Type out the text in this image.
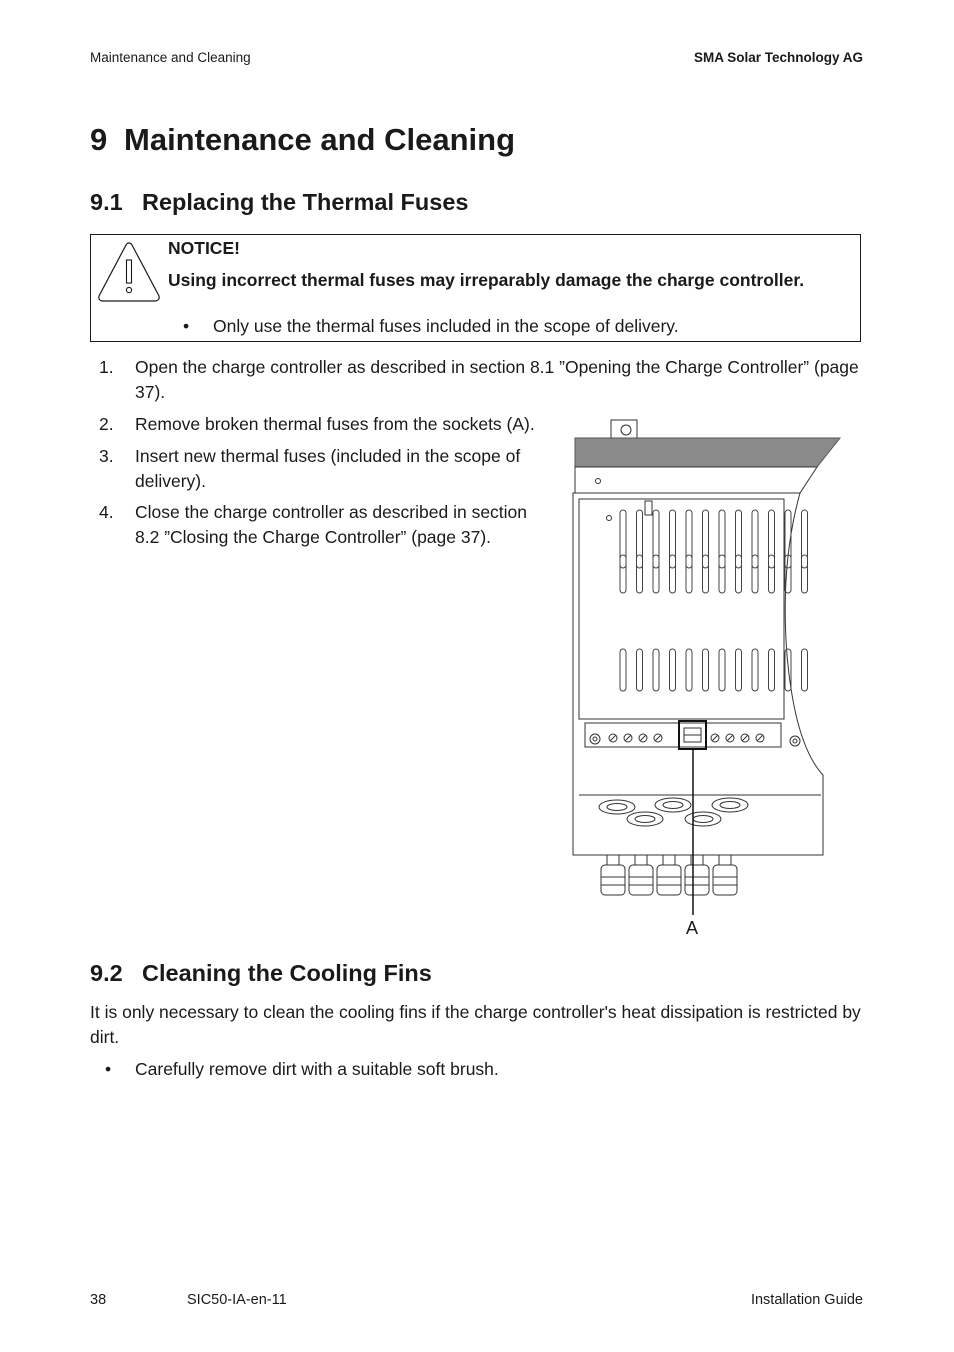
Maintenance and Cleaning	SMA Solar Technology AG
9 Maintenance and Cleaning
9.1 Replacing the Thermal Fuses
NOTICE!
Using incorrect thermal fuses may irreparably damage the charge controller.
• Only use the thermal fuses included in the scope of delivery.
1.	Open the charge controller as described in section 8.1 ”Opening the Charge Controller” (page 37).
2.	Remove broken thermal fuses from the sockets (A).
3.	Insert new thermal fuses (included in the scope of delivery).
4.	Close the charge controller as described in section 8.2 ”Closing the Charge Controller” (page 37).
A
9.2 Cleaning the Cooling Fins
It is only necessary to clean the cooling fins if the charge controller's heat dissipation is restricted by dirt.
• Carefully remove dirt with a suitable soft brush.
38	SIC50-IA-en-11	Installation Guide
